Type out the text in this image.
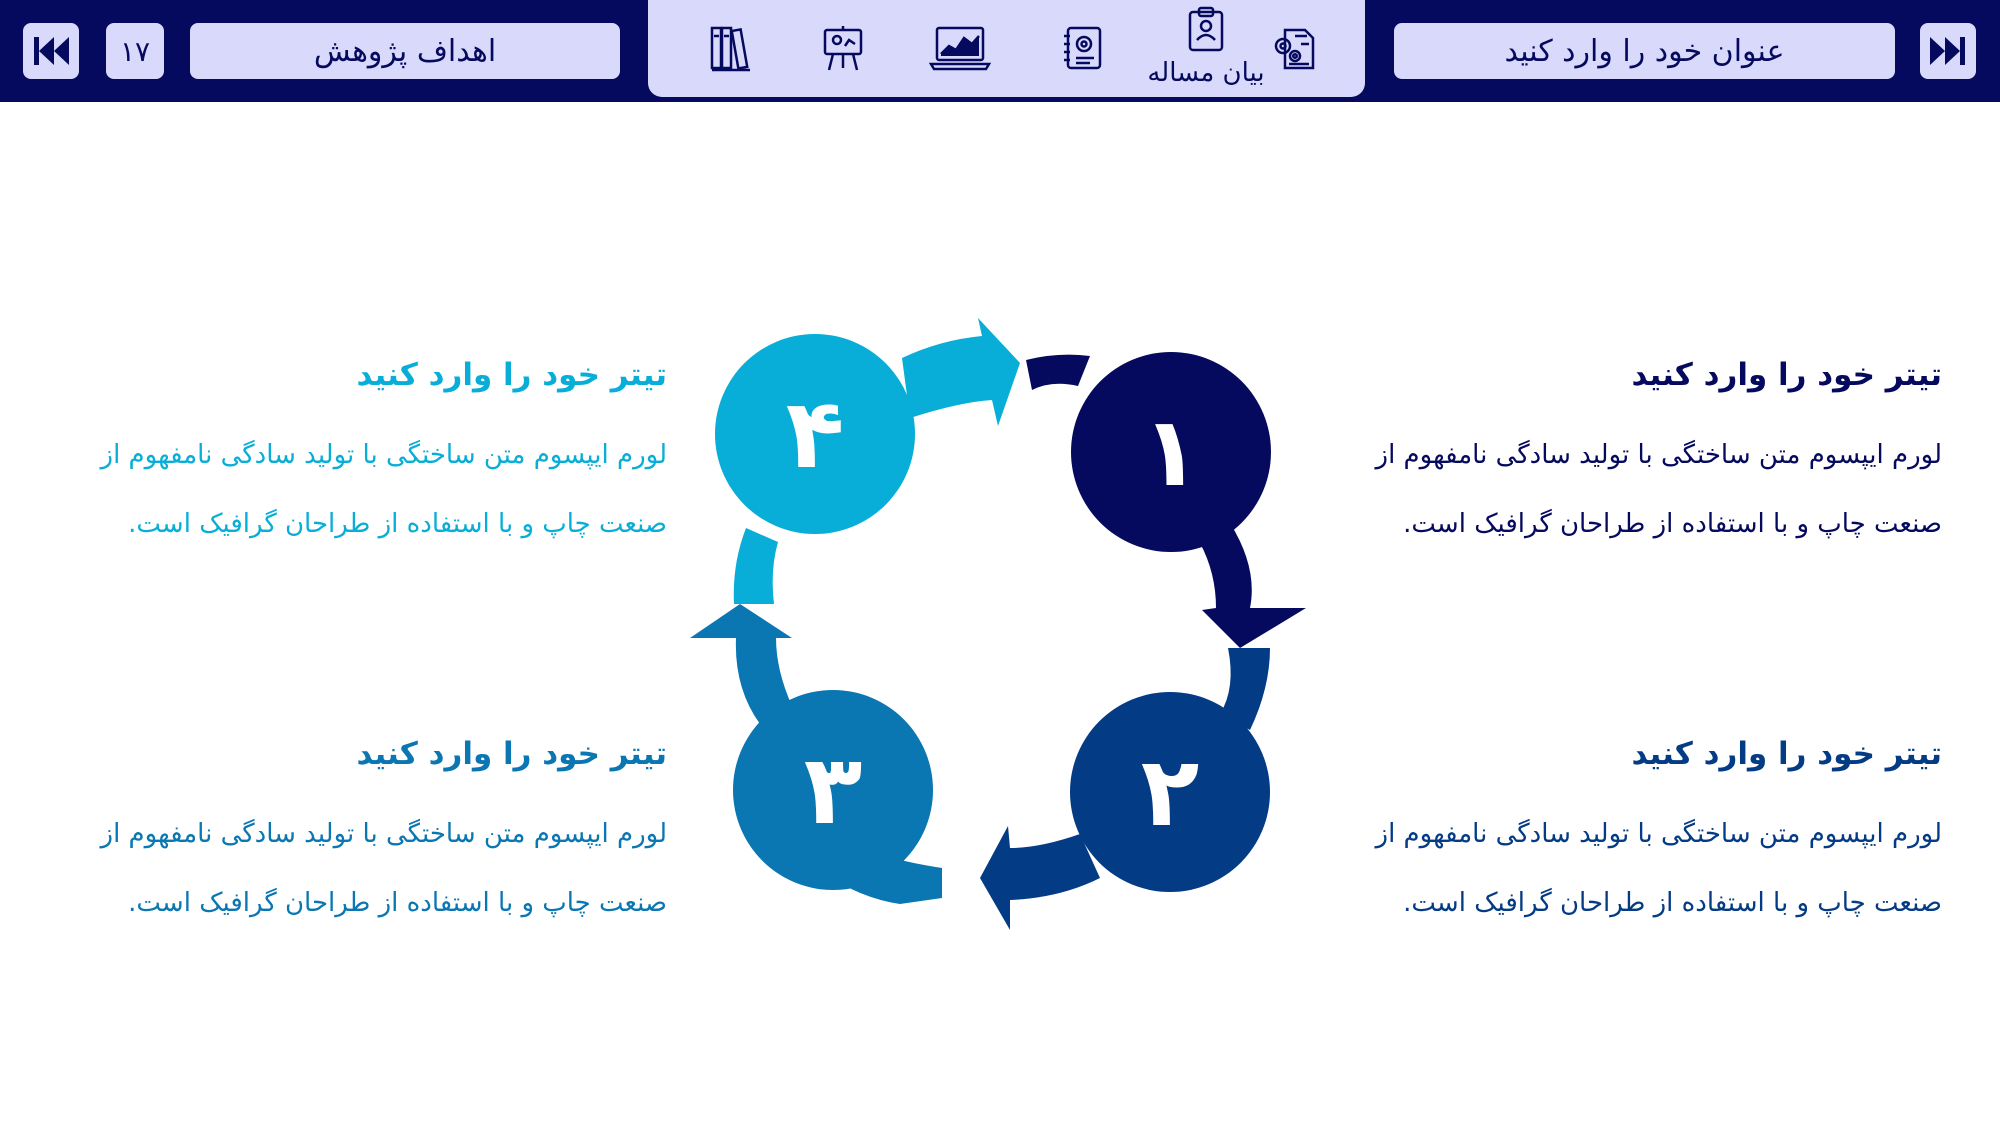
عنوان خود را وارد کنید
بیان مساله
اهداف پژوهش
۱۷
۱
۲
۳
۴
تیتر خود را وارد کنید

لورم ایپسوم متن ساختگی با تولید سادگی نامفهوم از
صنعت چاپ و با استفاده از طراحان گرافیک است.

تیتر خود را وارد کنید

لورم ایپسوم متن ساختگی با تولید سادگی نامفهوم از
صنعت چاپ و با استفاده از طراحان گرافیک است.

تیتر خود را وارد کنید

لورم ایپسوم متن ساختگی با تولید سادگی نامفهوم از
صنعت چاپ و با استفاده از طراحان گرافیک است.

تیتر خود را وارد کنید

لورم ایپسوم متن ساختگی با تولید سادگی نامفهوم از
صنعت چاپ و با استفاده از طراحان گرافیک است.
